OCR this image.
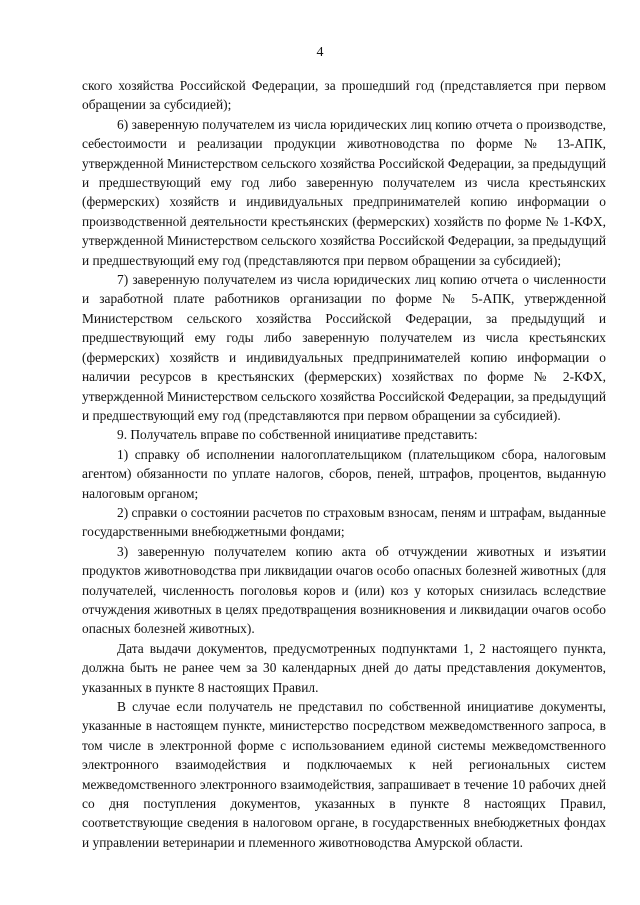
4

ского хозяйства Российской Федерации, за прошедший год (представляется при первом обращении за субсидией);

6) заверенную получателем из числа юридических лиц копию отчета о производстве, себестоимости и реализации продукции животноводства по форме № 13-АПК, утвержденной Министерством сельского хозяйства Российской Федерации, за предыдущий и предшествующий ему год либо заверенную получателем из числа крестьянских (фермерских) хозяйств и индивидуальных предпринимателей копию информации о производственной деятельности крестьянских (фермерских) хозяйств по форме № 1-КФХ, утвержденной Министерством сельского хозяйства Российской Федерации, за предыдущий и предшествующий ему год (представляются при первом обращении за субсидией);

7) заверенную получателем из числа юридических лиц копию отчета о численности и заработной плате работников организации по форме № 5-АПК, утвержденной Министерством сельского хозяйства Российской Федерации, за предыдущий и предшествующий ему годы либо заверенную получателем из числа крестьянских (фермерских) хозяйств и индивидуальных предпринимателей копию информации о наличии ресурсов в крестьянских (фермерских) хозяйствах по форме № 2-КФХ, утвержденной Министерством сельского хозяйства Российской Федерации, за предыдущий и предшествующий ему год (представляются при первом обращении за субсидией).

9. Получатель вправе по собственной инициативе представить:

1) справку об исполнении налогоплательщиком (плательщиком сбора, налоговым агентом) обязанности по уплате налогов, сборов, пеней, штрафов, процентов, выданную налоговым органом;

2) справки о состоянии расчетов по страховым взносам, пеням и штрафам, выданные государственными внебюджетными фондами;

3) заверенную получателем копию акта об отчуждении животных и изъятии продуктов животноводства при ликвидации очагов особо опасных болезней животных (для получателей, численность поголовья коров и (или) коз у которых снизилась вследствие отчуждения животных в целях предотвращения возникновения и ликвидации очагов особо опасных болезней животных).

Дата выдачи документов, предусмотренных подпунктами 1, 2 настоящего пункта, должна быть не ранее чем за 30 календарных дней до даты представления документов, указанных в пункте 8 настоящих Правил.

В случае если получатель не представил по собственной инициативе документы, указанные в настоящем пункте, министерство посредством межведомственного запроса, в том числе в электронной форме с использованием единой системы межведомственного электронного взаимодействия и подключаемых к ней региональных систем межведомственного электронного взаимодействия, запрашивает в течение 10 рабочих дней со дня поступления документов, указанных в пункте 8 настоящих Правил, соответствующие сведения в налоговом органе, в государственных внебюджетных фондах и управлении ветеринарии и племенного животноводства Амурской области.
